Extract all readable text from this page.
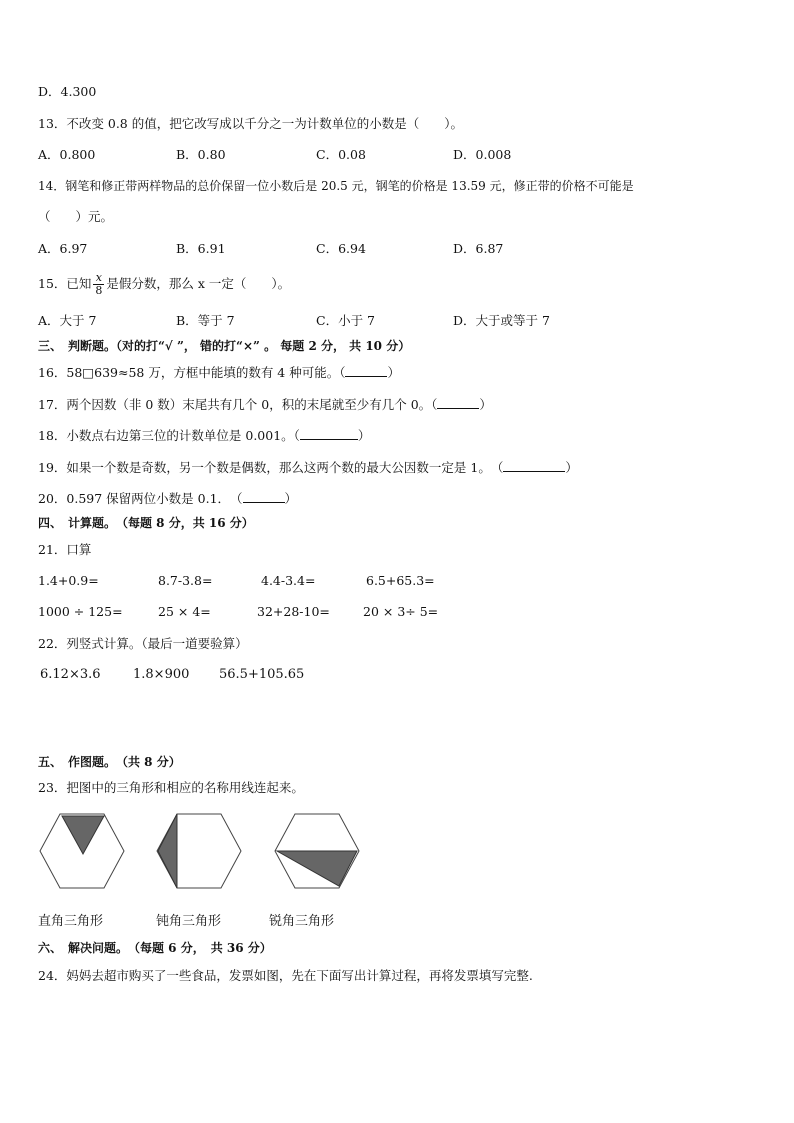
D．4.300
13．不改变 0.8 的值，把它改写成以千分之一为计数单位的小数是（　　）。
A．0.800	B．0.80	C．0.08	D．0.008
14．钢笔和修正带两样物品的总价保留一位小数后是 20.5 元，钢笔的价格是 13.59 元，修正带的价格不可能是
（　　）元。
A．6.97	B．6.91	C．6.94	D．6.87
15．已知 $\frac{x}{8}$ 是假分数，那么 x 一定（　　）。
A．大于 7	B．等于 7	C．小于 7	D．大于或等于 7
三、　判断题。（对的打“√ ”， 错的打“×” 。 每题 2 分， 共 10 分）
16．58□639≈58 万，方框中能填的数有 4 种可能。（	）
17．两个因数（非 0 数）末尾共有几个 0，积的末尾就至少有几个 0。（	）
18．小数点右边第三位的计数单位是 0.001。（	）
19．如果一个数是奇数，另一个数是偶数，那么这两个数的最大公因数一定是 1。　（	）
20．0.597 保留两位小数是 0.1．　（	）
四、　计算题。　（每题 8 分，共 16 分）
21．口算
1.4+0.9=	8.7-3.8=	4.4-3.4=	6.5+65.3=
1000 ÷ 125=	25 × 4=	32+28-10=	20 × 3÷ 5=
22．列竖式计算。（最后一道要验算）
6.12×3.6 1.8×900 56.5+105.65
五、　作图题。　（共 8 分）
23．把图中的三角形和相应的名称用线连起来。
直角三角形	钝角三角形	锐角三角形
六、　解决问题。　（每题 6 分，　共 36 分）
24．妈妈去超市购买了一些食品，发票如图，先在下面写出计算过程，再将发票填写完整.
